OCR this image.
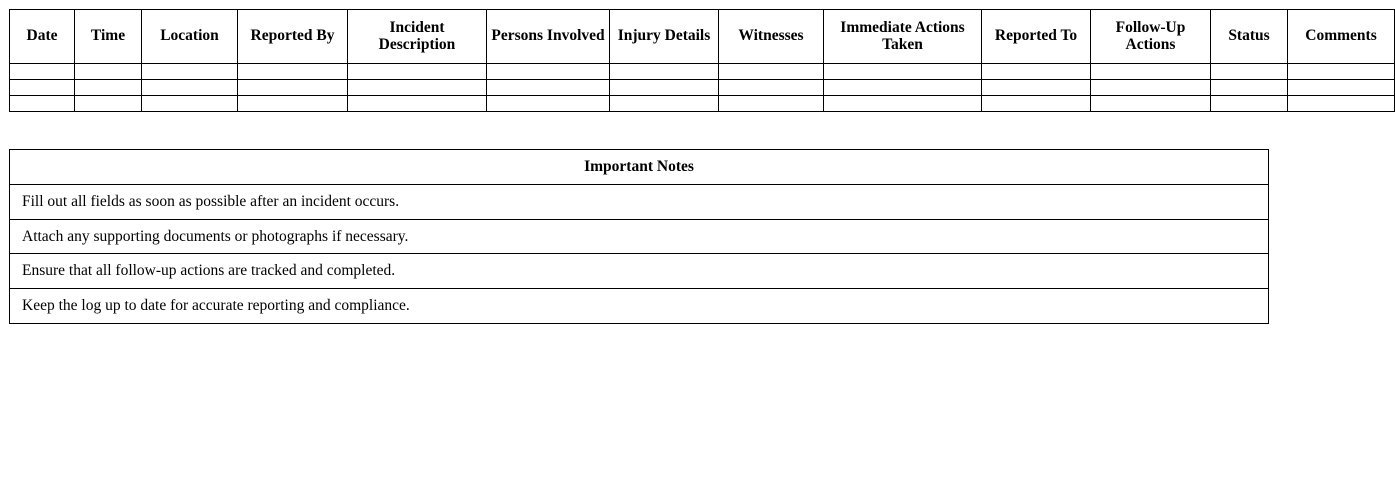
Date	Time	Location	Reported By	Incident Description	Persons Involved	Injury Details	Witnesses	Immediate Actions Taken	Reported To	Follow-Up Actions	Status	Comments

Important Notes
Fill out all fields as soon as possible after an incident occurs.
Attach any supporting documents or photographs if necessary.
Ensure that all follow-up actions are tracked and completed.
Keep the log up to date for accurate reporting and compliance.
